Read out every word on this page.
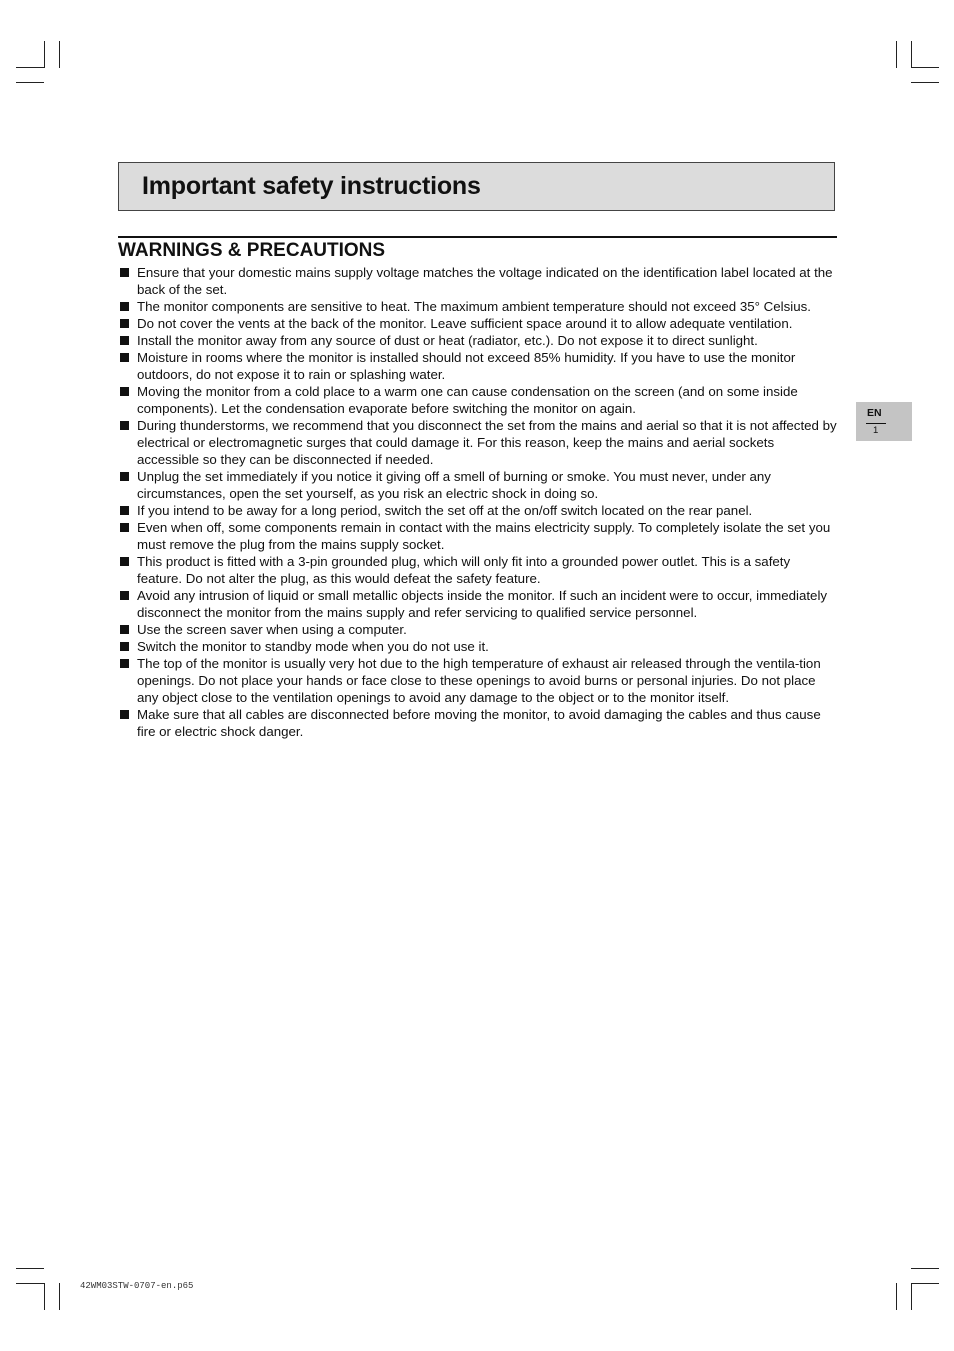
Important safety instructions
WARNINGS & PRECAUTIONS
Ensure that your domestic mains supply voltage matches the voltage indicated on the identification label located at the back of the set.
The monitor components are sensitive to heat. The maximum ambient temperature should not exceed 35° Celsius.
Do not cover the vents at the back of the monitor. Leave sufficient space around it to allow adequate ventilation.
Install the monitor away from any source of dust or heat (radiator, etc.). Do not expose it to direct sunlight.
Moisture in rooms where the monitor is installed should not exceed 85% humidity. If you have to use the monitor outdoors, do not expose it to rain or splashing water.
Moving the monitor from a cold place to a warm one can cause condensation on the screen (and on some inside components). Let the condensation evaporate before switching the monitor on again.
During thunderstorms, we recommend that you disconnect the set from the mains and aerial so that it is not affected by electrical or electromagnetic surges that could damage it. For this reason, keep the mains and aerial sockets accessible so they can be disconnected if needed.
Unplug the set immediately if you notice it giving off a smell of burning or smoke. You must never, under any circumstances, open the set yourself, as you risk an electric shock in doing so.
If you intend to be away for a long period, switch the set off at the on/off switch located on the rear panel.
Even when off, some components remain in contact with the mains electricity supply. To completely isolate the set you must remove the plug from the mains supply socket.
This product is fitted with a 3-pin grounded plug, which will only fit into a grounded power outlet. This is a safety feature. Do not alter the plug, as this would defeat the safety feature.
Avoid any intrusion of liquid or small metallic objects inside the monitor. If such an incident were to occur, immediately disconnect the monitor from the mains supply and refer servicing to qualified service personnel.
Use the screen saver when using a computer.
Switch the monitor to standby mode when you do not use it.
The top of the monitor is usually very hot due to the high temperature of exhaust air released through the ventila-tion openings. Do not place your hands or face close to these openings to avoid burns or personal injuries. Do not place any object close to the ventilation openings to avoid any damage to the object or to the monitor itself.
Make sure that all cables are disconnected before moving the monitor, to avoid damaging the cables and thus cause fire or electric shock danger.
EN
1
42WM03STW-0707-en.p65
